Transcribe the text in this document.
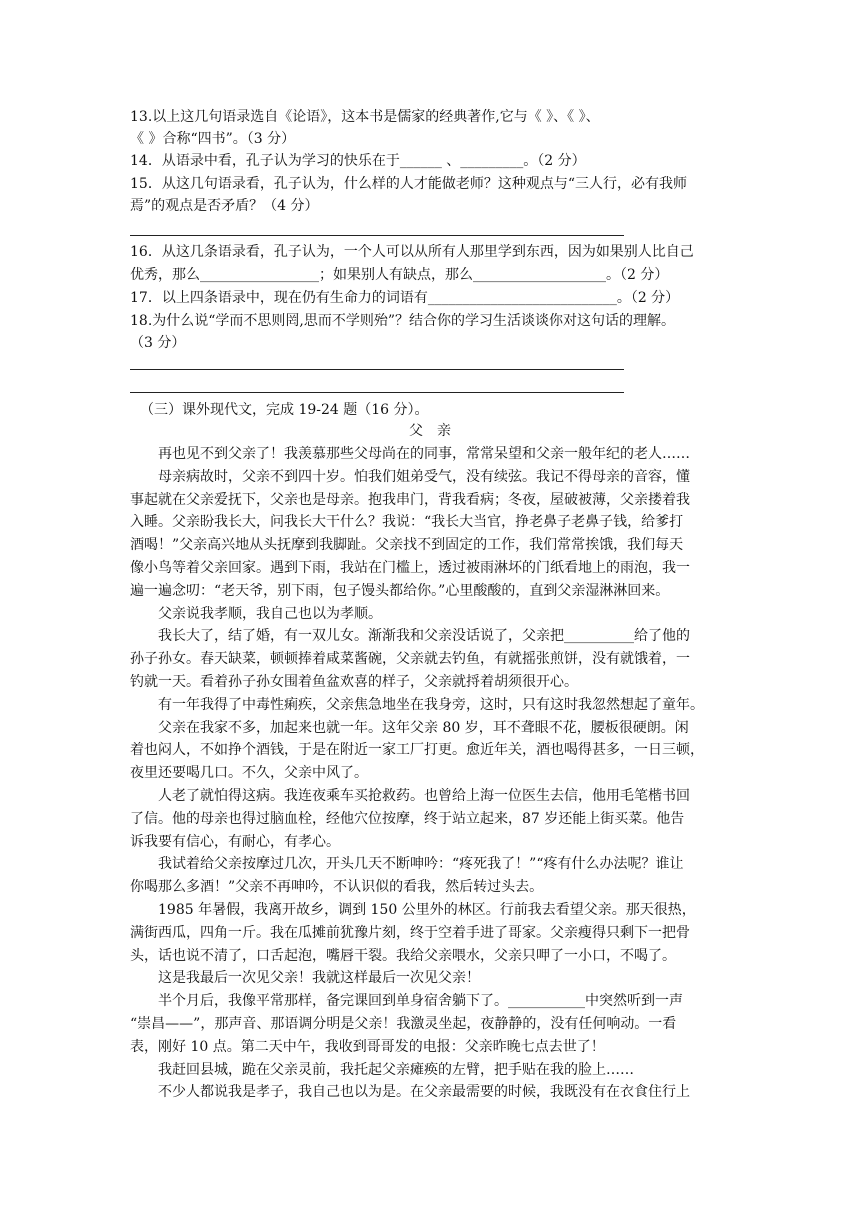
13.以上这几句语录选自《论语》，这本书是儒家的经典著作,它与《 》、《 》、
《 》合称“四书”。（3 分）
14．从语录中看，孔子认为学习的快乐在于______ 、_________。（2 分）
15．从这几句语录看，孔子认为，什么样的人才能做老师？这种观点与“三人行，必有我师
焉”的观点是否矛盾？（4 分）
16．从这几条语录看，孔子认为，一个人可以从所有人那里学到东西，因为如果别人比自己
优秀，那么_________________；如果别人有缺点，那么___________________。（2 分）
17．以上四条语录中，现在仍有生命力的词语有___________________________。（2 分）
18.为什么说“学而不思则罔,思而不学则殆”？结合你的学习生活谈谈你对这句话的理解。
（3 分）
（三）课外现代文，完成 19-24 题（16 分）。
父亲
再也见不到父亲了！我羡慕那些父母尚在的同事，常常呆望和父亲一般年纪的老人……
母亲病故时，父亲不到四十岁。怕我们姐弟受气，没有续弦。我记不得母亲的音容，懂
事起就在父亲爱抚下，父亲也是母亲。抱我串门，背我看病；冬夜，屋破被薄，父亲搂着我
入睡。父亲盼我长大，问我长大干什么？我说：“我长大当官，挣老鼻子老鼻子钱，给爹打
酒喝！”父亲高兴地从头抚摩到我脚趾。父亲找不到固定的工作，我们常常挨饿，我们每天
像小鸟等着父亲回家。遇到下雨，我站在门槛上，透过被雨淋坏的门纸看地上的雨泡，我一
遍一遍念叨：“老天爷，别下雨，包子馒头都给你。”心里酸酸的，直到父亲湿淋淋回来。
父亲说我孝顺，我自己也以为孝顺。
我长大了，结了婚，有一双儿女。渐渐我和父亲没话说了，父亲把__________给了他的
孙子孙女。春天缺菜，顿顿捧着咸菜酱碗，父亲就去钓鱼，有就摇张煎饼，没有就饿着，一
钓就一天。看着孙子孙女围着鱼盆欢喜的样子，父亲就捋着胡须很开心。
有一年我得了中毒性痢疾，父亲焦急地坐在我身旁，这时，只有这时我忽然想起了童年。
父亲在我家不多，加起来也就一年。这年父亲 80 岁，耳不聋眼不花，腰板很硬朗。闲
着也闷人，不如挣个酒钱，于是在附近一家工厂打更。愈近年关，酒也喝得甚多，一日三顿，
夜里还要喝几口。不久，父亲中风了。
人老了就怕得这病。我连夜乘车买抢救药。也曾给上海一位医生去信，他用毛笔楷书回
了信。他的母亲也得过脑血栓，经他穴位按摩，终于站立起来，87 岁还能上街买菜。他告
诉我要有信心，有耐心，有孝心。
我试着给父亲按摩过几次，开头几天不断呻吟：“疼死我了！”“疼有什么办法呢？谁让
你喝那么多酒！”父亲不再呻吟，不认识似的看我，然后转过头去。
1985 年暑假，我离开故乡，调到 150 公里外的林区。行前我去看望父亲。那天很热，
满街西瓜，四角一斤。我在瓜摊前犹豫片刻，终于空着手进了哥家。父亲瘦得只剩下一把骨
头，话也说不清了，口舌起泡，嘴唇干裂。我给父亲喂水，父亲只呷了一小口，不喝了。
这是我最后一次见父亲！我就这样最后一次见父亲！
半个月后，我像平常那样，备完课回到单身宿舍躺下了。___________中突然听到一声
“崇昌——”，那声音、那语调分明是父亲！我激灵坐起，夜静静的，没有任何响动。一看
表，刚好 10 点。第二天中午，我收到哥哥发的电报：父亲昨晚七点去世了！
我赶回县城，跪在父亲灵前，我托起父亲瘫痪的左臂，把手贴在我的脸上……
不少人都说我是孝子，我自己也以为是。在父亲最需要的时候，我既没有在衣食住行上
